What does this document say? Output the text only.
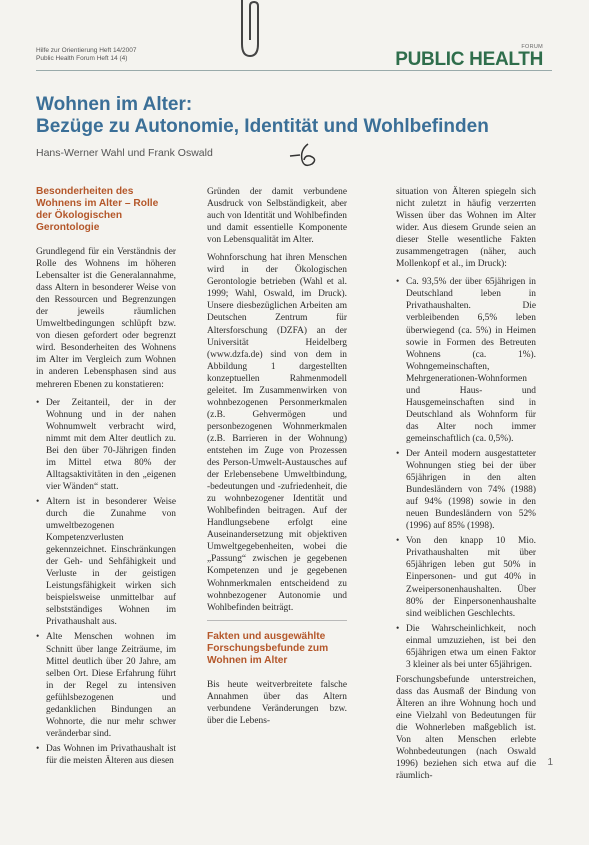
Hilfe zur Orientierung Heft 14/2007
Public Health Forum Heft 14 (4)
FORUM
PUBLIC HEALTH
Wohnen im Alter:
Bezüge zu Autonomie, Identität und Wohlbefinden
Hans-Werner Wahl und Frank Oswald
Besonderheiten des Wohnens im Alter – Rolle der Ökologischen Gerontologie

Grundlegend für ein Verständnis der Rolle des Wohnens im höheren Lebensalter ist die Generalannahme, dass Altern in besonderer Weise von den Ressourcen und Begrenzungen der jeweils räumlichen Umweltbedingungen schlüpft bzw. von diesen gefordert oder begrenzt wird. Besonderheiten des Wohnens im Alter im Vergleich zum Wohnen in anderen Lebensphasen sind aus mehreren Ebenen zu konstatieren:

• Der Zeitanteil, der in der Wohnung und in der nahen Wohnumwelt verbracht wird, nimmt mit dem Alter deutlich zu. Bei den über 70-Jährigen finden im Mittel etwa 80% der Alltagsaktivitäten in den „eigenen vier Wänden“ statt.
• Altern ist in besonderer Weise durch die Zunahme von umweltbezogenen Kompetenzverlusten gekennzeichnet. Einschränkungen der Geh- und Sehfähigkeit und Verluste in der geistigen Leistungsfähigkeit wirken sich beispielsweise unmittelbar auf selbstständiges Wohnen im Privathaushalt aus.
• Alte Menschen wohnen im Schnitt über lange Zeiträume, im Mittel deutlich über 20 Jahre, am selben Ort. Diese Erfahrung führt in der Regel zu intensiven gefühlsbezogenen und gedanklichen Bindungen an Wohnorte, die nur mehr schwer veränderbar sind.
• Das Wohnen im Privathaushalt ist für die meisten Älteren aus diesen

Gründen der damit verbundene Ausdruck von Selbständigkeit, aber auch von Identität und Wohlbefinden und damit essentielle Komponente von Lebensqualität im Alter.

Wohnforschung hat ihren Menschen wird in der Ökologischen Gerontologie betrieben (Wahl et al. 1999; Wahl, Oswald, im Druck). Unsere diesbezüglichen Arbeiten am Deutschen Zentrum für Altersforschung (DZFA) an der Universität Heidelberg (www.dzfa.de) sind von dem in Abbildung 1 dargestellten konzeptuellen Rahmenmodell geleitet. Im Zusammenwirken von wohnbezogenen Personmerkmalen (z.B. Gehvermögen und personbezogenen Wohnmerkmalen (z.B. Barrieren in der Wohnung) entstehen im Zuge von Prozessen des Person-Umwelt-Austausches auf der Erlebensebene Umweltbindung, -bedeutungen und -zufriedenheit, die zu wohnbezogener Identität und Wohlbefinden beitragen. Auf der Handlungsebene erfolgt eine Auseinandersetzung mit objektiven Umweltgegebenheiten, wobei die „Passung“ zwischen je gegebenen Kompetenzen und je gegebenen Wohnmerkmalen entscheidend zu wohnbezogener Autonomie und Wohlbefinden beiträgt.

Fakten und ausgewählte Forschungsbefunde zum Wohnen im Alter

Bis heute weitverbreitete falsche Annahmen über das Altern verbundene Veränderungen bzw. über die Lebens-

situation von Älteren spiegeln sich nicht zuletzt in häufig verzerrten Wissen über das Wohnen im Alter wider. Aus diesem Grunde seien an dieser Stelle wesentliche Fakten zusammengetragen (näher, auch Mollenkopf et al., im Druck):

• Ca. 93,5% der über 65jährigen in Deutschland leben in Privathaushalten. Die verbleibenden 6,5% leben überwiegend (ca. 5%) in Heimen sowie in Formen des Betreuten Wohnens (ca. 1%). Wohngemeinschaften, Mehrgenerationen-Wohnformen und Haus- und Hausgemeinschaften sind in Deutschland als Wohnform für das Alter noch immer gemeinschaftlich (ca. 0,5%).
• Der Anteil modern ausgestatteter Wohnungen stieg bei der über 65jährigen in den alten Bundesländern von 74% (1988) auf 94% (1998) sowie in den neuen Bundesländern von 52% (1996) auf 85% (1998).
• Von den knapp 10 Mio. Privathaushalten mit über 65jährigen leben gut 50% in Einpersonen- und gut 40% in Zweipersonenhaushalten. Über 80% der Einpersonenhaushalte sind weiblichen Geschlechts.
• Die Wahrscheinlichkeit, noch einmal umzuziehen, ist bei den 65jährigen etwa um einen Faktor 3 kleiner als bei unter 65jährigen.

Forschungsbefunde unterstreichen, dass das Ausmaß der Bindung von Älteren an ihre Wohnung hoch und eine Vielzahl von Bedeutungen für die Wohnerleben maßgeblich ist. Von alten Menschen erlebte Wohnbedeutungen (nach Oswald 1996) beziehen sich etwa auf die räumlich-

1
